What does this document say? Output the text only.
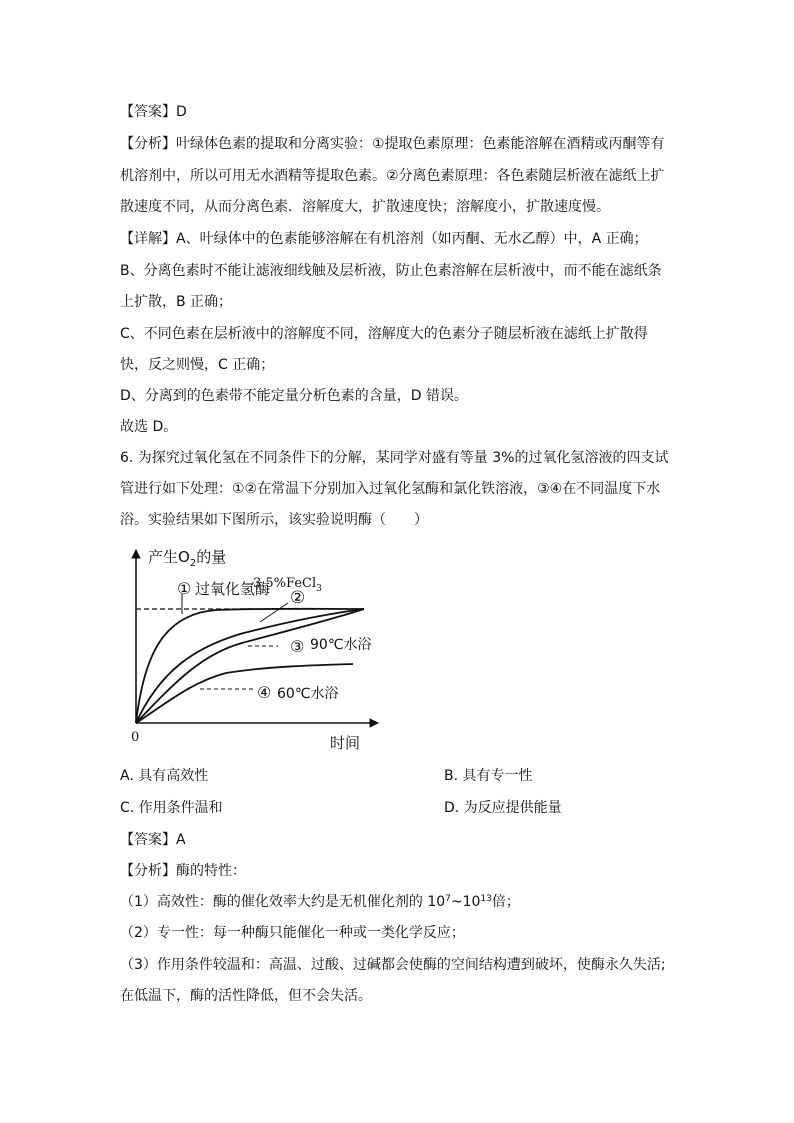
【答案】D
【分析】叶绿体色素的提取和分离实验：①提取色素原理：色素能溶解在酒精或丙酮等有
机溶剂中，所以可用无水酒精等提取色素。②分离色素原理：各色素随层析液在滤纸上扩
散速度不同，从而分离色素．溶解度大，扩散速度快；溶解度小，扩散速度慢。
【详解】A、叶绿体中的色素能够溶解在有机溶剂（如丙酮、无水乙醇）中，A 正确；
B、分离色素时不能让滤液细线触及层析液，防止色素溶解在层析液中，而不能在滤纸条
上扩散，B 正确；
C、不同色素在层析液中的溶解度不同，溶解度大的色素分子随层析液在滤纸上扩散得
快，反之则慢，C 正确；
D、分离到的色素带不能定量分析色素的含量，D 错误。
故选 D。
6. 为探究过氧化氢在不同条件下的分解，某同学对盛有等量 3%的过氧化氢溶液的四支试
管进行如下处理：①②在常温下分别加入过氧化氢酶和氯化铁溶液，③④在不同温度下水
浴。实验结果如下图所示，该实验说明酶（　　）
产生$O_2$的量
时间
0
① 过氧化氢酶
3.5%FeCl$_3$
②
③ 90℃水浴
④ 60℃水浴
A. 具有高效性	B. 具有专一性
C. 作用条件温和	D. 为反应提供能量
【答案】A
【分析】酶的特性：
（1）高效性：酶的催化效率大约是无机催化剂的 $10^7\sim 10^{13}$倍；
（2）专一性：每一种酶只能催化一种或一类化学反应；
（3）作用条件较温和：高温、过酸、过碱都会使酶的空间结构遭到破坏，使酶永久失活;
在低温下，酶的活性降低，但不会失活。
